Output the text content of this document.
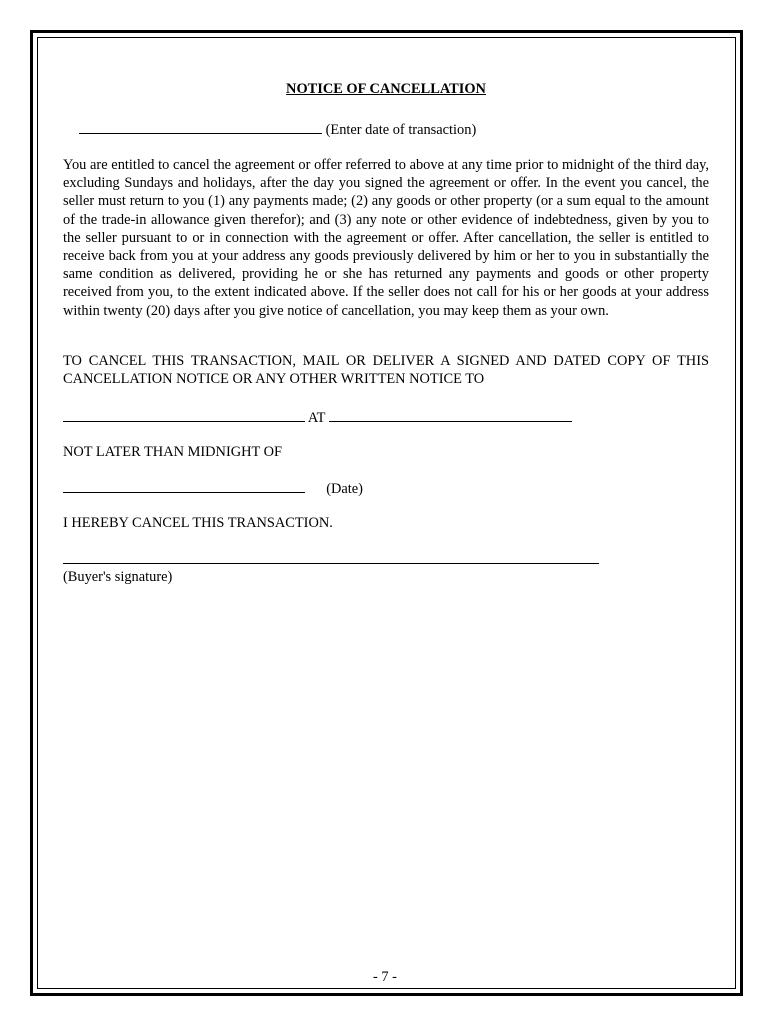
NOTICE OF CANCELLATION
(Enter date of transaction)
You are entitled to cancel the agreement or offer referred to above at any time prior to midnight of the third day, excluding Sundays and holidays, after the day you signed the agreement or offer. In the event you cancel, the seller must return to you (1) any payments made; (2) any goods or other property (or a sum equal to the amount of the trade-in allowance given therefor); and (3) any note or other evidence of indebtedness, given by you to the seller pursuant to or in connection with the agreement or offer. After cancellation, the seller is entitled to receive back from you at your address any goods previously delivered by him or her to you in substantially the same condition as delivered, providing he or she has returned any payments and goods or other property received from you, to the extent indicated above. If the seller does not call for his or her goods at your address within twenty (20) days after you give notice of cancellation, you may keep them as your own.
TO CANCEL THIS TRANSACTION, MAIL OR DELIVER A SIGNED AND DATED COPY OF THIS CANCELLATION NOTICE OR ANY OTHER WRITTEN NOTICE TO
AT
NOT LATER THAN MIDNIGHT OF
(Date)
I HEREBY CANCEL THIS TRANSACTION.
(Buyer's signature)
- 7 -
